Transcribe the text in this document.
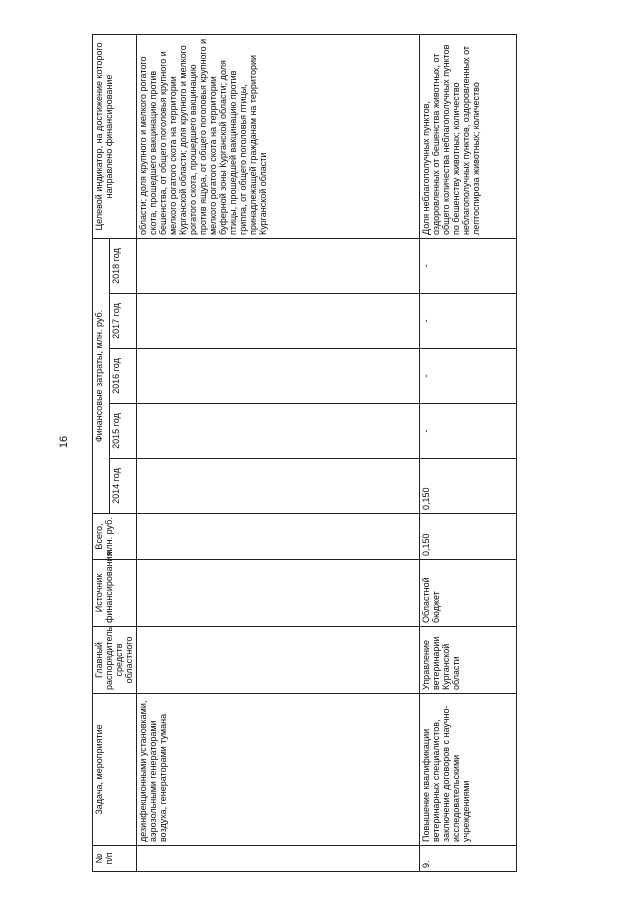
16
№ п/п	Задача, мероприятие	Главный распорядитель средств областного	Источник финансирования	Всего, млн. руб.	Финансовые затраты, млн. руб.					Целевой индикатор, на достижение которого направлено финансирование

					2014 год	2015 год	2016 год	2017 год	2018 год	
	дезинфекционными установками, аэрозольными генераторами воздуха, генераторами тумана									области; доля крупного и мелкого рогатого скота, прошедшего вакцинацию против бешенства, от общего поголовья крупного и мелкого рогатого скота на территории Курганской области; доля крупного и мелкого рогатого скота, прошедшего вакцинацию против ящура, от общего поголовья крупного и мелкого рогатого скота на территории буферной зоны Курганской области; доля птицы, прошедшей вакцинацию против гриппа, от общего поголовья птицы, принадлежащей гражданам на территории Курганской области
9.	Повышение квалификации ветеринарных специалистов, заключение договоров с научно-исследовательскими учреждениями	Управление ветеринарии Курганской области	Областной бюджет	0,150	0,150	-	-	-	-	Доля неблагополучных пунктов, оздоровленных от бешенства животных, от общего количества неблагополучных пунктов по бешенству животных; количество неблагополучных пунктов, оздоровленных от лептоспироза животных; количество
